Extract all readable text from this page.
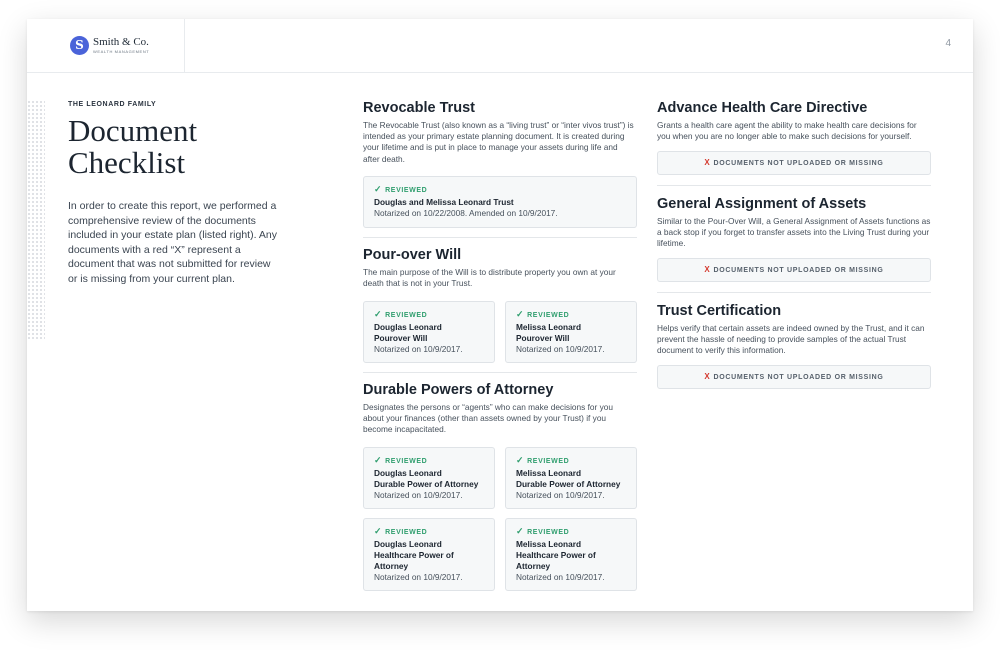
S Smith & Co.
WEALTH MANAGEMENT
4
THE LEONARD FAMILY
Document
Checklist
In order to create this report, we performed a comprehensive review of the documents included in your estate plan (listed right). Any documents with a red “X” represent a document that was not submitted for review or is missing from your current plan.
Revocable Trust
The Revocable Trust (also known as a “living trust” or “inter vivos trust”) is intended as your primary estate planning document. It is created during your lifetime and is put in place to manage your assets during life and after death.
✓ REVIEWED
Douglas and Melissa Leonard Trust
Notarized on 10/22/2008. Amended on 10/9/2017.
Pour-over Will
The main purpose of the Will is to distribute property you own at your death that is not in your Trust.
✓ REVIEWED
Douglas Leonard
Pourover Will
Notarized on 10/9/2017.
✓ REVIEWED
Melissa Leonard
Pourover Will
Notarized on 10/9/2017.
Durable Powers of Attorney
Designates the persons or “agents” who can make decisions for you about your finances (other than assets owned by your Trust) if you become incapacitated.
✓ REVIEWED
Douglas Leonard
Durable Power of Attorney
Notarized on 10/9/2017.
✓ REVIEWED
Melissa Leonard
Durable Power of Attorney
Notarized on 10/9/2017.
✓ REVIEWED
Douglas Leonard
Healthcare Power of
Attorney
Notarized on 10/9/2017.
✓ REVIEWED
Melissa Leonard
Healthcare Power of
Attorney
Notarized on 10/9/2017.
Advance Health Care Directive
Grants a health care agent the ability to make health care decisions for you when you are no longer able to make such decisions for yourself.
X DOCUMENTS NOT UPLOADED OR MISSING
General Assignment of Assets
Similar to the Pour-Over Will, a General Assignment of Assets functions as a back stop if you forget to transfer assets into the Living Trust during your lifetime.
X DOCUMENTS NOT UPLOADED OR MISSING
Trust Certification
Helps verify that certain assets are indeed owned by the Trust, and it can prevent the hassle of needing to provide samples of the actual Trust document to verify this information.
X DOCUMENTS NOT UPLOADED OR MISSING
